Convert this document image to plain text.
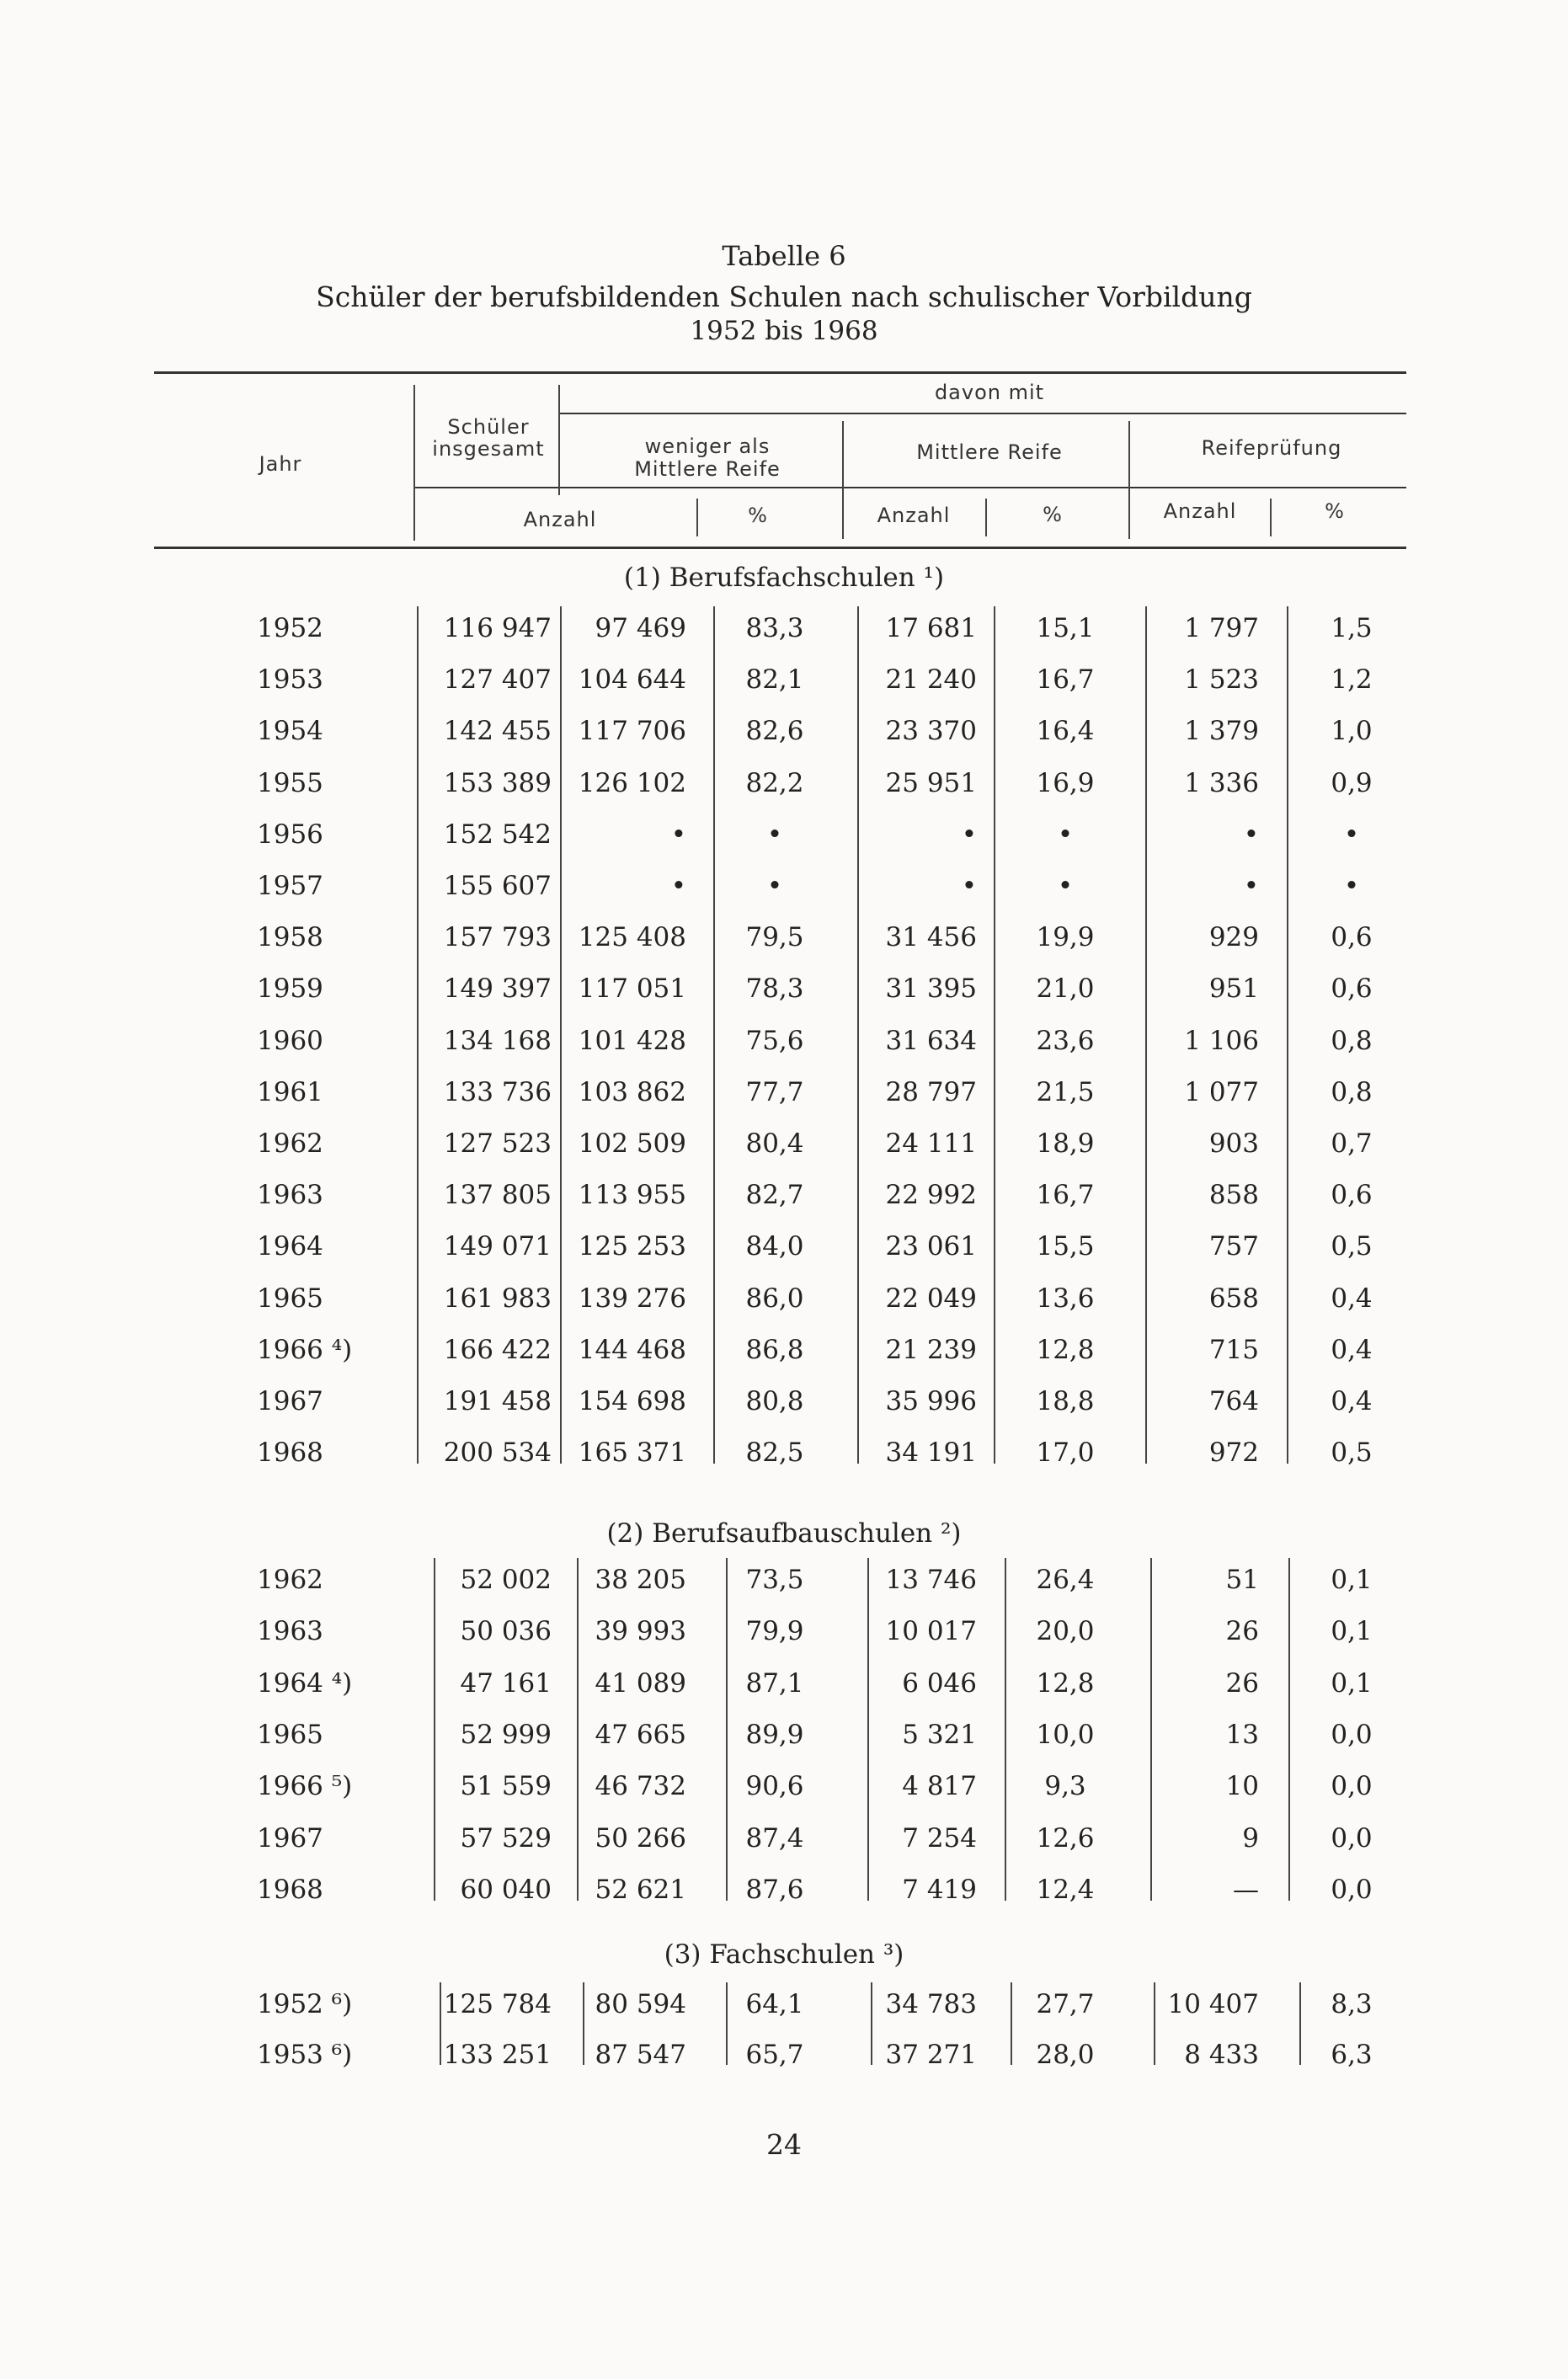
Tabelle 6
Schüler der berufsbildenden Schulen nach schulischer Vorbildung
1952 bis 1968
Jahr
Schüler insgesamt
davon mit
weniger als Mittlere Reife
Mittlere Reife	Reifeprüfung
Anzahl	%	Anzahl	%	Anzahl	%
(1) Berufsfachschulen ¹)
1952	116 947	97 469	83,3	17 681	15,1	1 797	1,5
1953	127 407	104 644	82,1	21 240	16,7	1 523	1,2
1954	142 455	117 706	82,6	23 370	16,4	1 379	1,0
1955	153 389	126 102	82,2	25 951	16,9	1 336	0,9
1956	152 542	•	•	•	•	•	•
1957	155 607	•	•	•	•	•	•
1958	157 793	125 408	79,5	31 456	19,9	929	0,6
1959	149 397	117 051	78,3	31 395	21,0	951	0,6
1960	134 168	101 428	75,6	31 634	23,6	1 106	0,8
1961	133 736	103 862	77,7	28 797	21,5	1 077	0,8
1962	127 523	102 509	80,4	24 111	18,9	903	0,7
1963	137 805	113 955	82,7	22 992	16,7	858	0,6
1964	149 071	125 253	84,0	23 061	15,5	757	0,5
1965	161 983	139 276	86,0	22 049	13,6	658	0,4
1966 ⁴)	166 422	144 468	86,8	21 239	12,8	715	0,4
1967	191 458	154 698	80,8	35 996	18,8	764	0,4
1968	200 534	165 371	82,5	34 191	17,0	972	0,5
(2) Berufsaufbauschulen ²)
1962	52 002	38 205	73,5	13 746	26,4	51	0,1
1963	50 036	39 993	79,9	10 017	20,0	26	0,1
1964 ⁴)	47 161	41 089	87,1	6 046	12,8	26	0,1
1965	52 999	47 665	89,9	5 321	10,0	13	0,0
1966 ⁵)	51 559	46 732	90,6	4 817	9,3	10	0,0
1967	57 529	50 266	87,4	7 254	12,6	9	0,0
1968	60 040	52 621	87,6	7 419	12,4	—	0,0
(3) Fachschulen ³)
1952 ⁶)	125 784	80 594	64,1	34 783	27,7	10 407	8,3
1953 ⁶)	133 251	87 547	65,7	37 271	28,0	8 433	6,3
24
